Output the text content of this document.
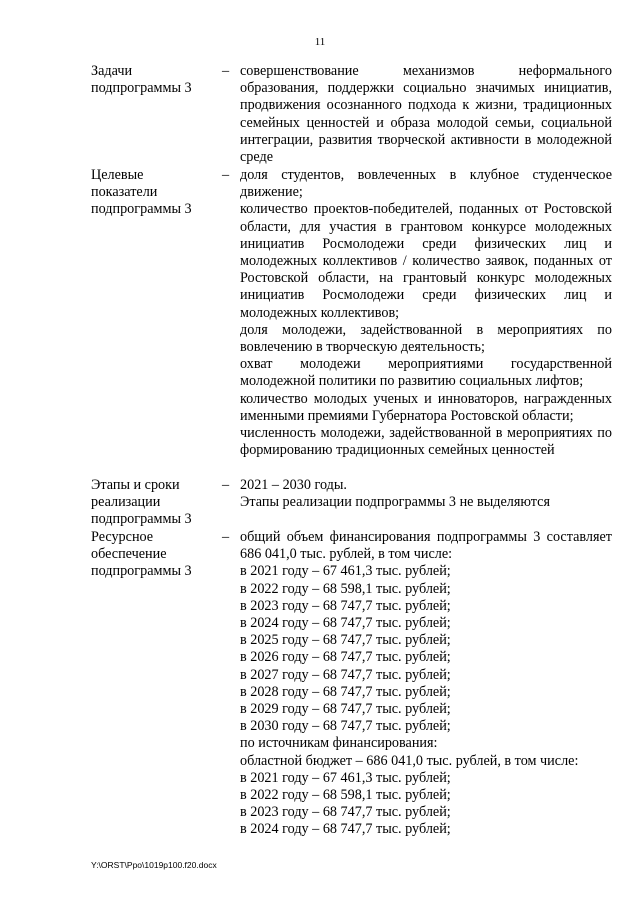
11
Задачи
подпрограммы 3
– совершенствование механизмов неформального образования, поддержки социально значимых инициатив, продвижения осознанного подхода к жизни, традиционных семейных ценностей и образа молодой семьи, социальной интеграции, развития творческой активности в молодежной среде

Целевые
показатели
подпрограммы 3
– доля студентов, вовлеченных в клубное студенческое движение;

количество проектов-победителей, поданных от Ростовской области, для участия в грантовом конкурсе молодежных инициатив Росмолодежи среди физических лиц и молодежных коллективов / количество заявок, поданных от Ростовской области, на грантовый конкурс молодежных инициатив Росмолодежи среди физических лиц и молодежных коллективов;

доля молодежи, задействованной в мероприятиях по вовлечению в творческую деятельность;

охват молодежи мероприятиями государственной молодежной политики по развитию социальных лифтов;

количество молодых ученых и инноваторов, награжденных именными премиями Губернатора Ростовской области;

численность молодежи, задействованной в мероприятиях по формированию традиционных семейных ценностей

Этапы и сроки
реализации
подпрограммы 3
– 2021 – 2030 годы.

Этапы реализации подпрограммы 3 не выделяются

Ресурсное
обеспечение
подпрограммы 3
– общий объем финансирования подпрограммы 3 составляет 686 041,0 тыс. рублей, в том числе:

в 2021 году – 67 461,3 тыс. рублей;

в 2022 году – 68 598,1 тыс. рублей;

в 2023 году – 68 747,7 тыс. рублей;

в 2024 году – 68 747,7 тыс. рублей;

в 2025 году – 68 747,7 тыс. рублей;

в 2026 году – 68 747,7 тыс. рублей;

в 2027 году – 68 747,7 тыс. рублей;

в 2028 году – 68 747,7 тыс. рублей;

в 2029 году – 68 747,7 тыс. рублей;

в 2030 году – 68 747,7 тыс. рублей;

по источникам финансирования:

областной бюджет – 686 041,0 тыс. рублей, в том числе:

в 2021 году – 67 461,3 тыс. рублей;

в 2022 году – 68 598,1 тыс. рублей;

в 2023 году – 68 747,7 тыс. рублей;

в 2024 году – 68 747,7 тыс. рублей;

Y:\ORST\Ppo\1019p100.f20.docx
